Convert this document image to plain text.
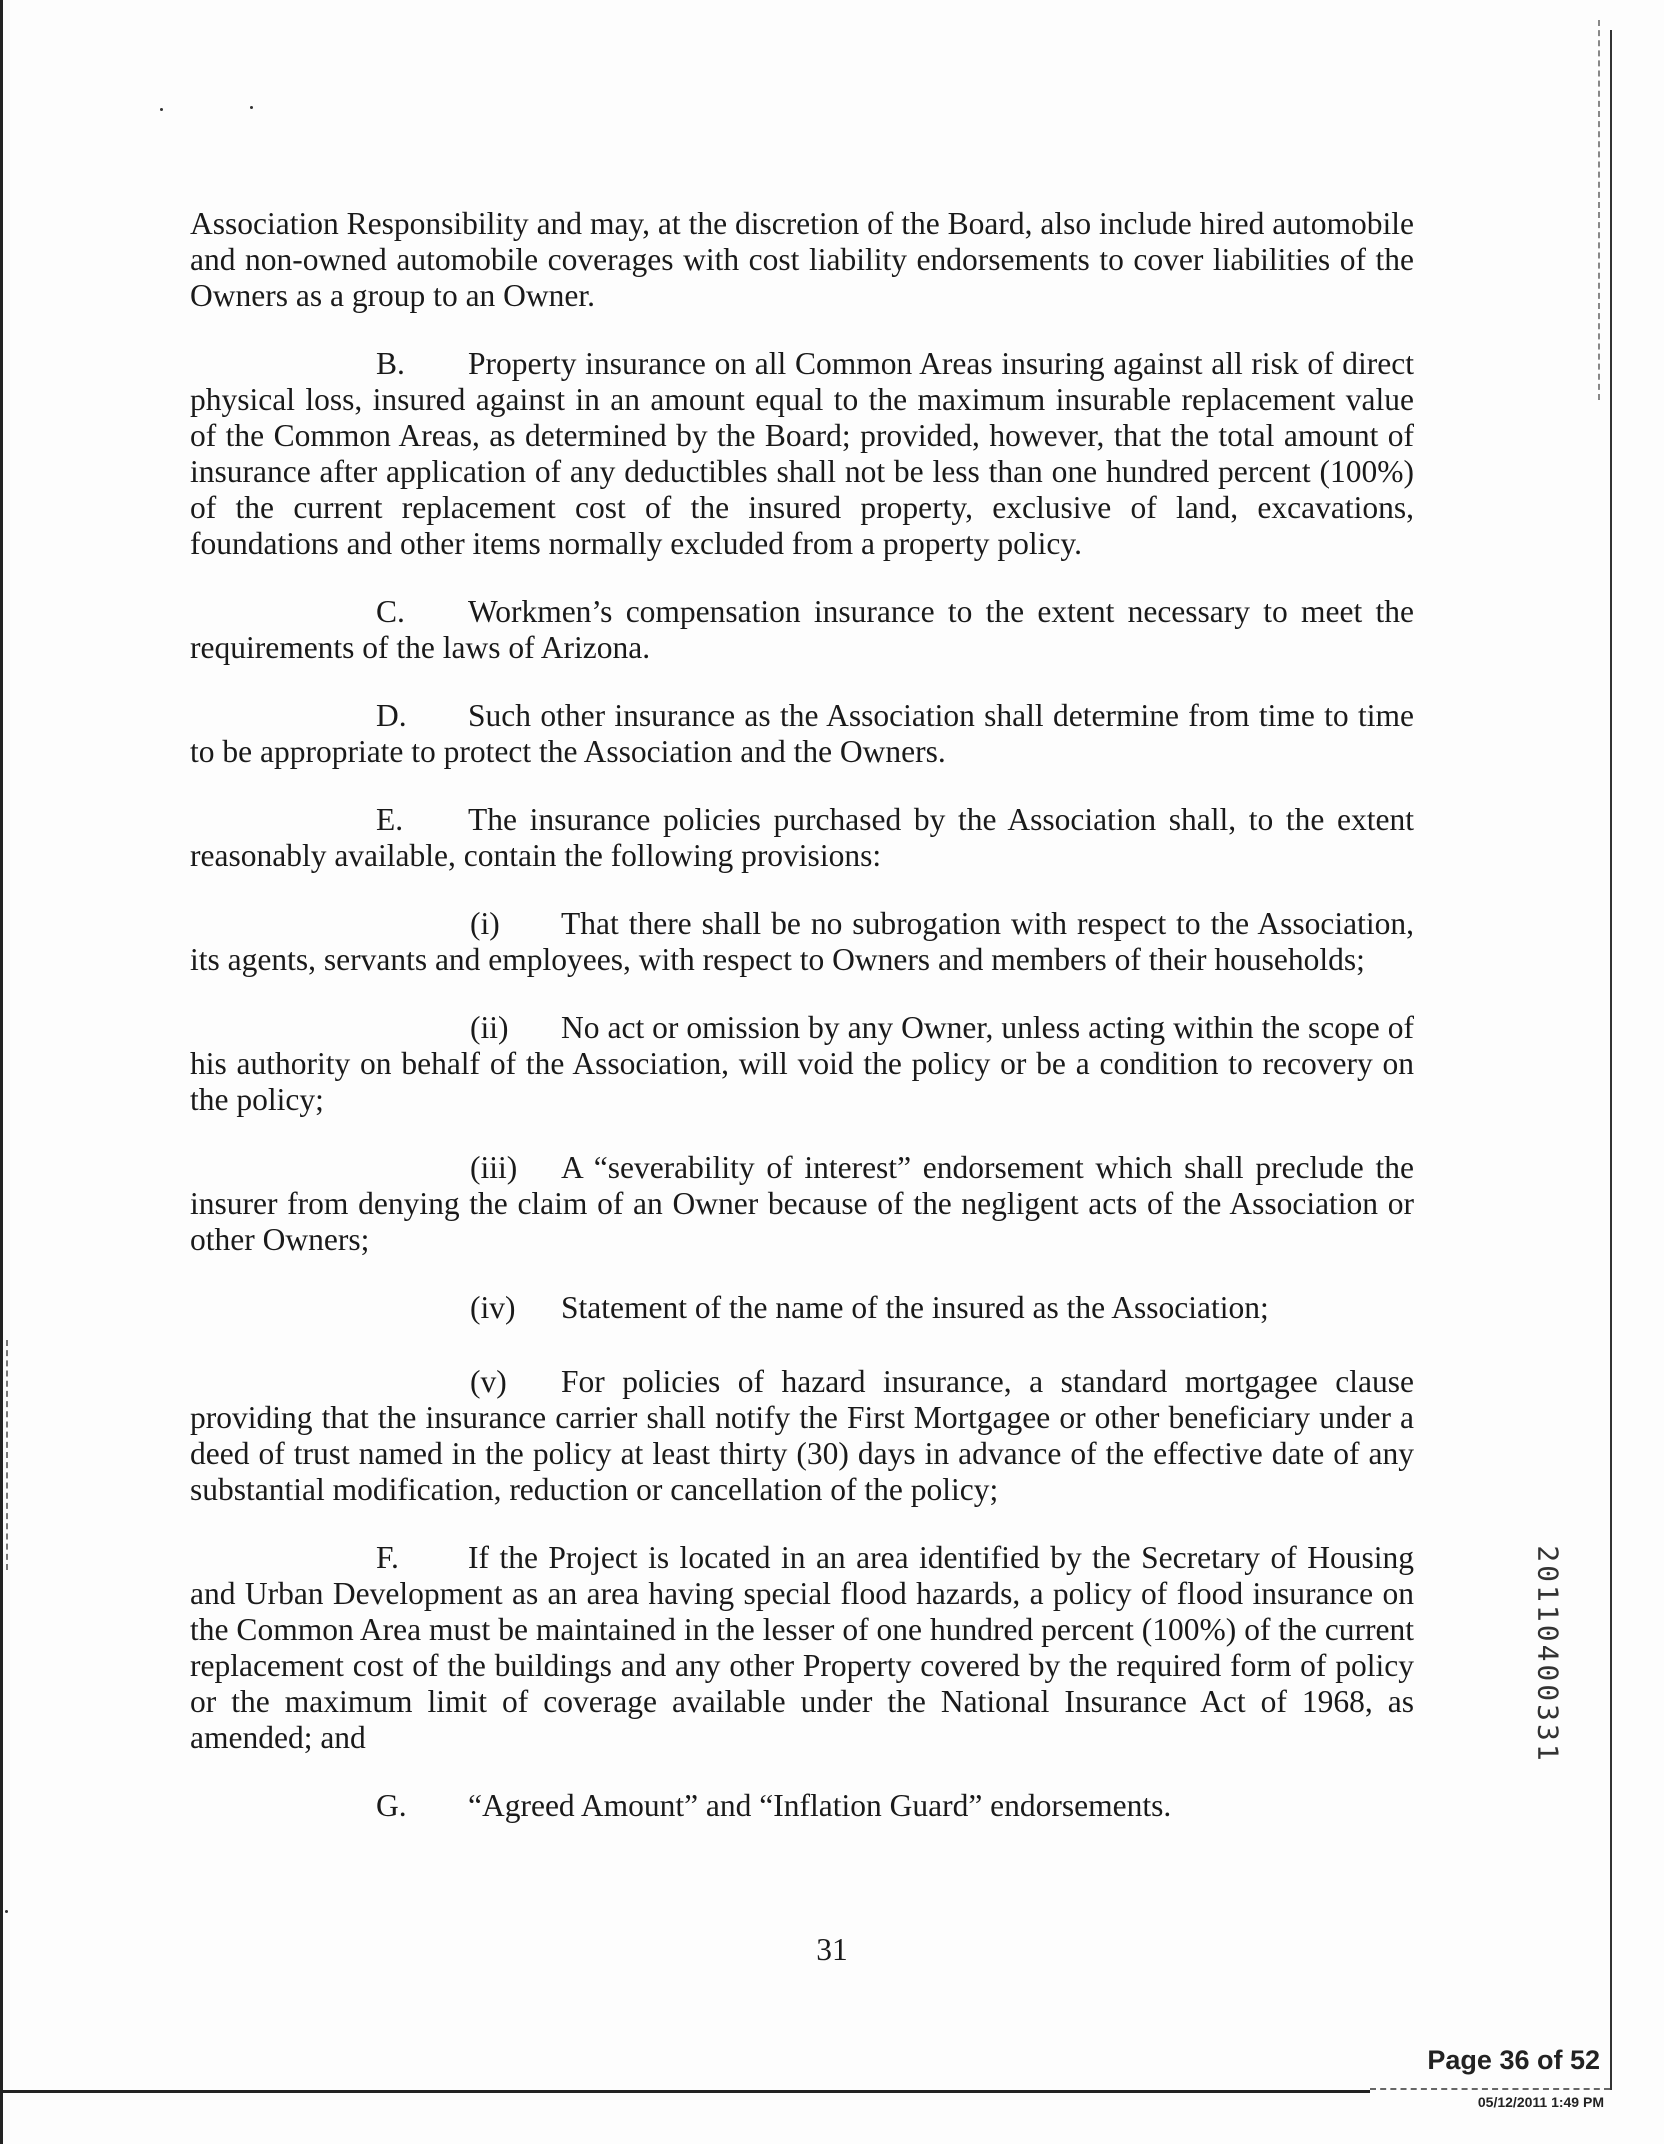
Association Responsibility and may, at the discretion of the Board, also include hired automobile and non-owned automobile coverages with cost liability endorsements to cover liabilities of the Owners as a group to an Owner.

B. Property insurance on all Common Areas insuring against all risk of direct physical loss, insured against in an amount equal to the maximum insurable replacement value of the Common Areas, as determined by the Board; provided, however, that the total amount of insurance after application of any deductibles shall not be less than one hundred percent (100%) of the current replacement cost of the insured property, exclusive of land, excavations, foundations and other items normally excluded from a property policy.

C. Workmen’s compensation insurance to the extent necessary to meet the requirements of the laws of Arizona.

D. Such other insurance as the Association shall determine from time to time to be appropriate to protect the Association and the Owners.

E. The insurance policies purchased by the Association shall, to the extent reasonably available, contain the following provisions:

(i) That there shall be no subrogation with respect to the Association, its agents, servants and employees, with respect to Owners and members of their households;

(ii) No act or omission by any Owner, unless acting within the scope of his authority on behalf of the Association, will void the policy or be a condition to recovery on the policy;

(iii) A “severability of interest” endorsement which shall preclude the insurer from denying the claim of an Owner because of the negligent acts of the Association or other Owners;

(iv) Statement of the name of the insured as the Association;

(v) For policies of hazard insurance, a standard mortgagee clause providing that the insurance carrier shall notify the First Mortgagee or other beneficiary under a deed of trust named in the policy at least thirty (30) days in advance of the effective date of any substantial modification, reduction or cancellation of the policy;

F. If the Project is located in an area identified by the Secretary of Housing and Urban Development as an area having special flood hazards, a policy of flood insurance on the Common Area must be maintained in the lesser of one hundred percent (100%) of the current replacement cost of the buildings and any other Property covered by the required form of policy or the maximum limit of coverage available under the National Insurance Act of 1968, as amended; and

G. “Agreed Amount” and “Inflation Guard” endorsements.

31
20110400331
Page 36 of 52
05/12/2011 1:49 PM
